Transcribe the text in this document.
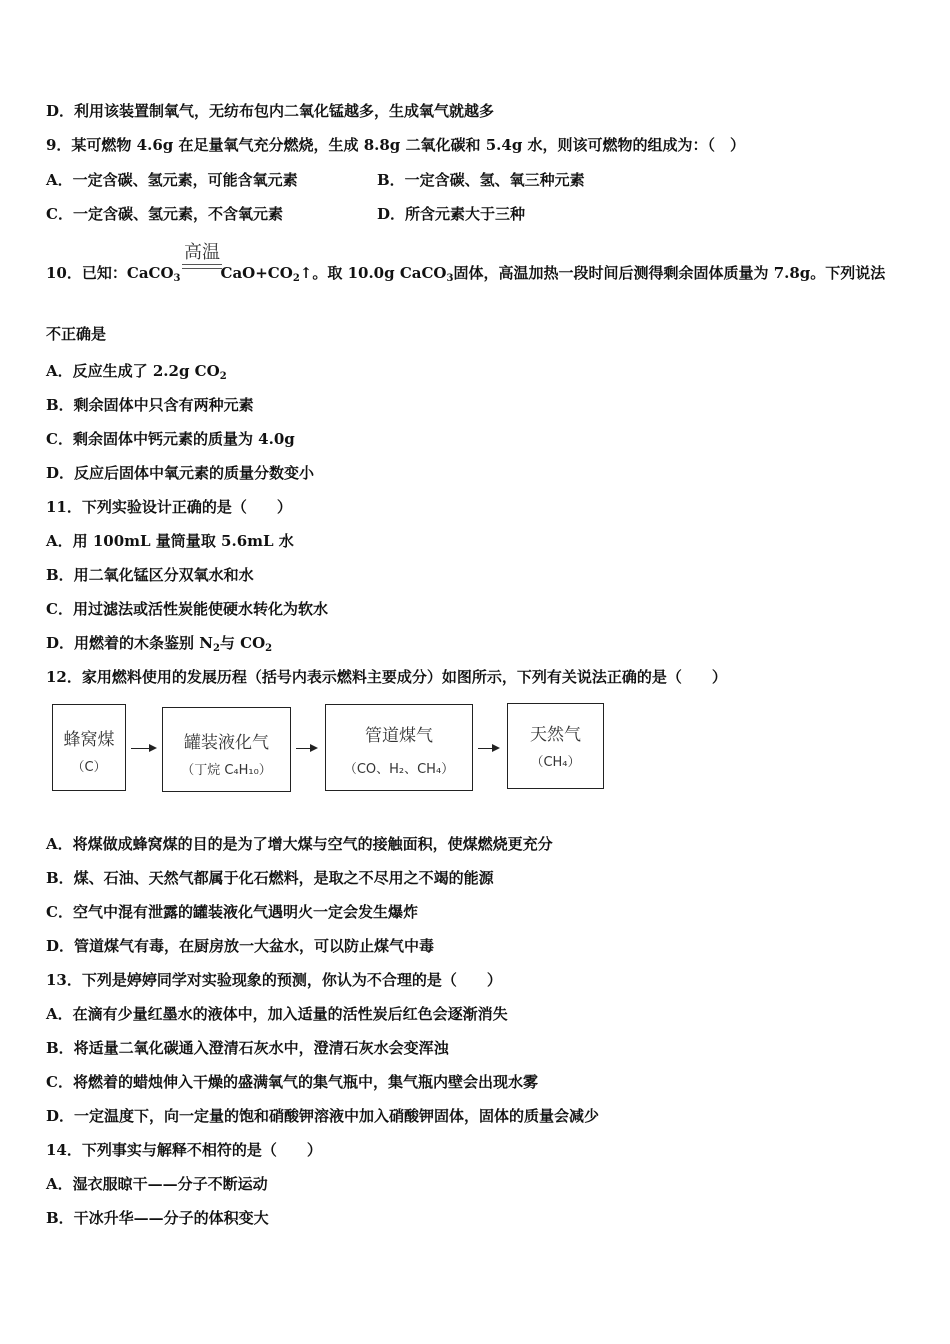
D．利用该装置制氧气，无纺布包内二氧化锰越多，生成氧气就越多
9．某可燃物 4.6g 在足量氧气充分燃烧，生成 8.8g 二氧化碳和 5.4g 水，则该可燃物的组成为：（　）
A．一定含碳、氢元素，可能含氧元素	B．一定含碳、氢、氧三种元素
C．一定含碳、氢元素，不含氧元素	D．所含元素大于三种
高温
10．已知：CaCO$_3$	$CaO+CO_2↑$。取 10.0g CaCO$_3$固体，高温加热一段时间后测得剩余固体质量为 7.8g。下列说法
不正确是
A．反应生成了 2.2g $CO_2$
B．剩余固体中只含有两种元素
C．剩余固体中钙元素的质量为 4.0g
D．反应后固体中氧元素的质量分数变小
11．下列实验设计正确的是（　　）
A．用 100mL 量筒量取 5.6mL 水
B．用二氧化锰区分双氧水和水
C．用过滤法或活性炭能使硬水转化为软水
D．用燃着的木条鉴别 $N_2$与 $CO_2$
12．家用燃料使用的发展历程（括号内表示燃料主要成分）如图所示，下列有关说法正确的是（　　）
蜂窝煤
（C）
罐装液化气
（丁烷 C₄H₁₀）
管道煤气
（CO、H₂、CH₄）
天然气
（CH₄）
A．将煤做成蜂窝煤的目的是为了增大煤与空气的接触面积，使煤燃烧更充分
B．煤、石油、天然气都属于化石燃料，是取之不尽用之不竭的能源
C．空气中混有泄露的罐装液化气遇明火一定会发生爆炸
D．管道煤气有毒，在厨房放一大盆水，可以防止煤气中毒
13．下列是婷婷同学对实验现象的预测，你认为不合理的是（　　）
A．在滴有少量红墨水的液体中，加入适量的活性炭后红色会逐渐消失
B．将适量二氧化碳通入澄清石灰水中，澄清石灰水会变浑浊
C．将燃着的蜡烛伸入干燥的盛满氧气的集气瓶中，集气瓶内壁会出现水雾
D．一定温度下，向一定量的饱和硝酸钾溶液中加入硝酸钾固体，固体的质量会减少
14．下列事实与解释不相符的是（　　）
A．湿衣服晾干——分子不断运动
B．干冰升华——分子的体积变大
